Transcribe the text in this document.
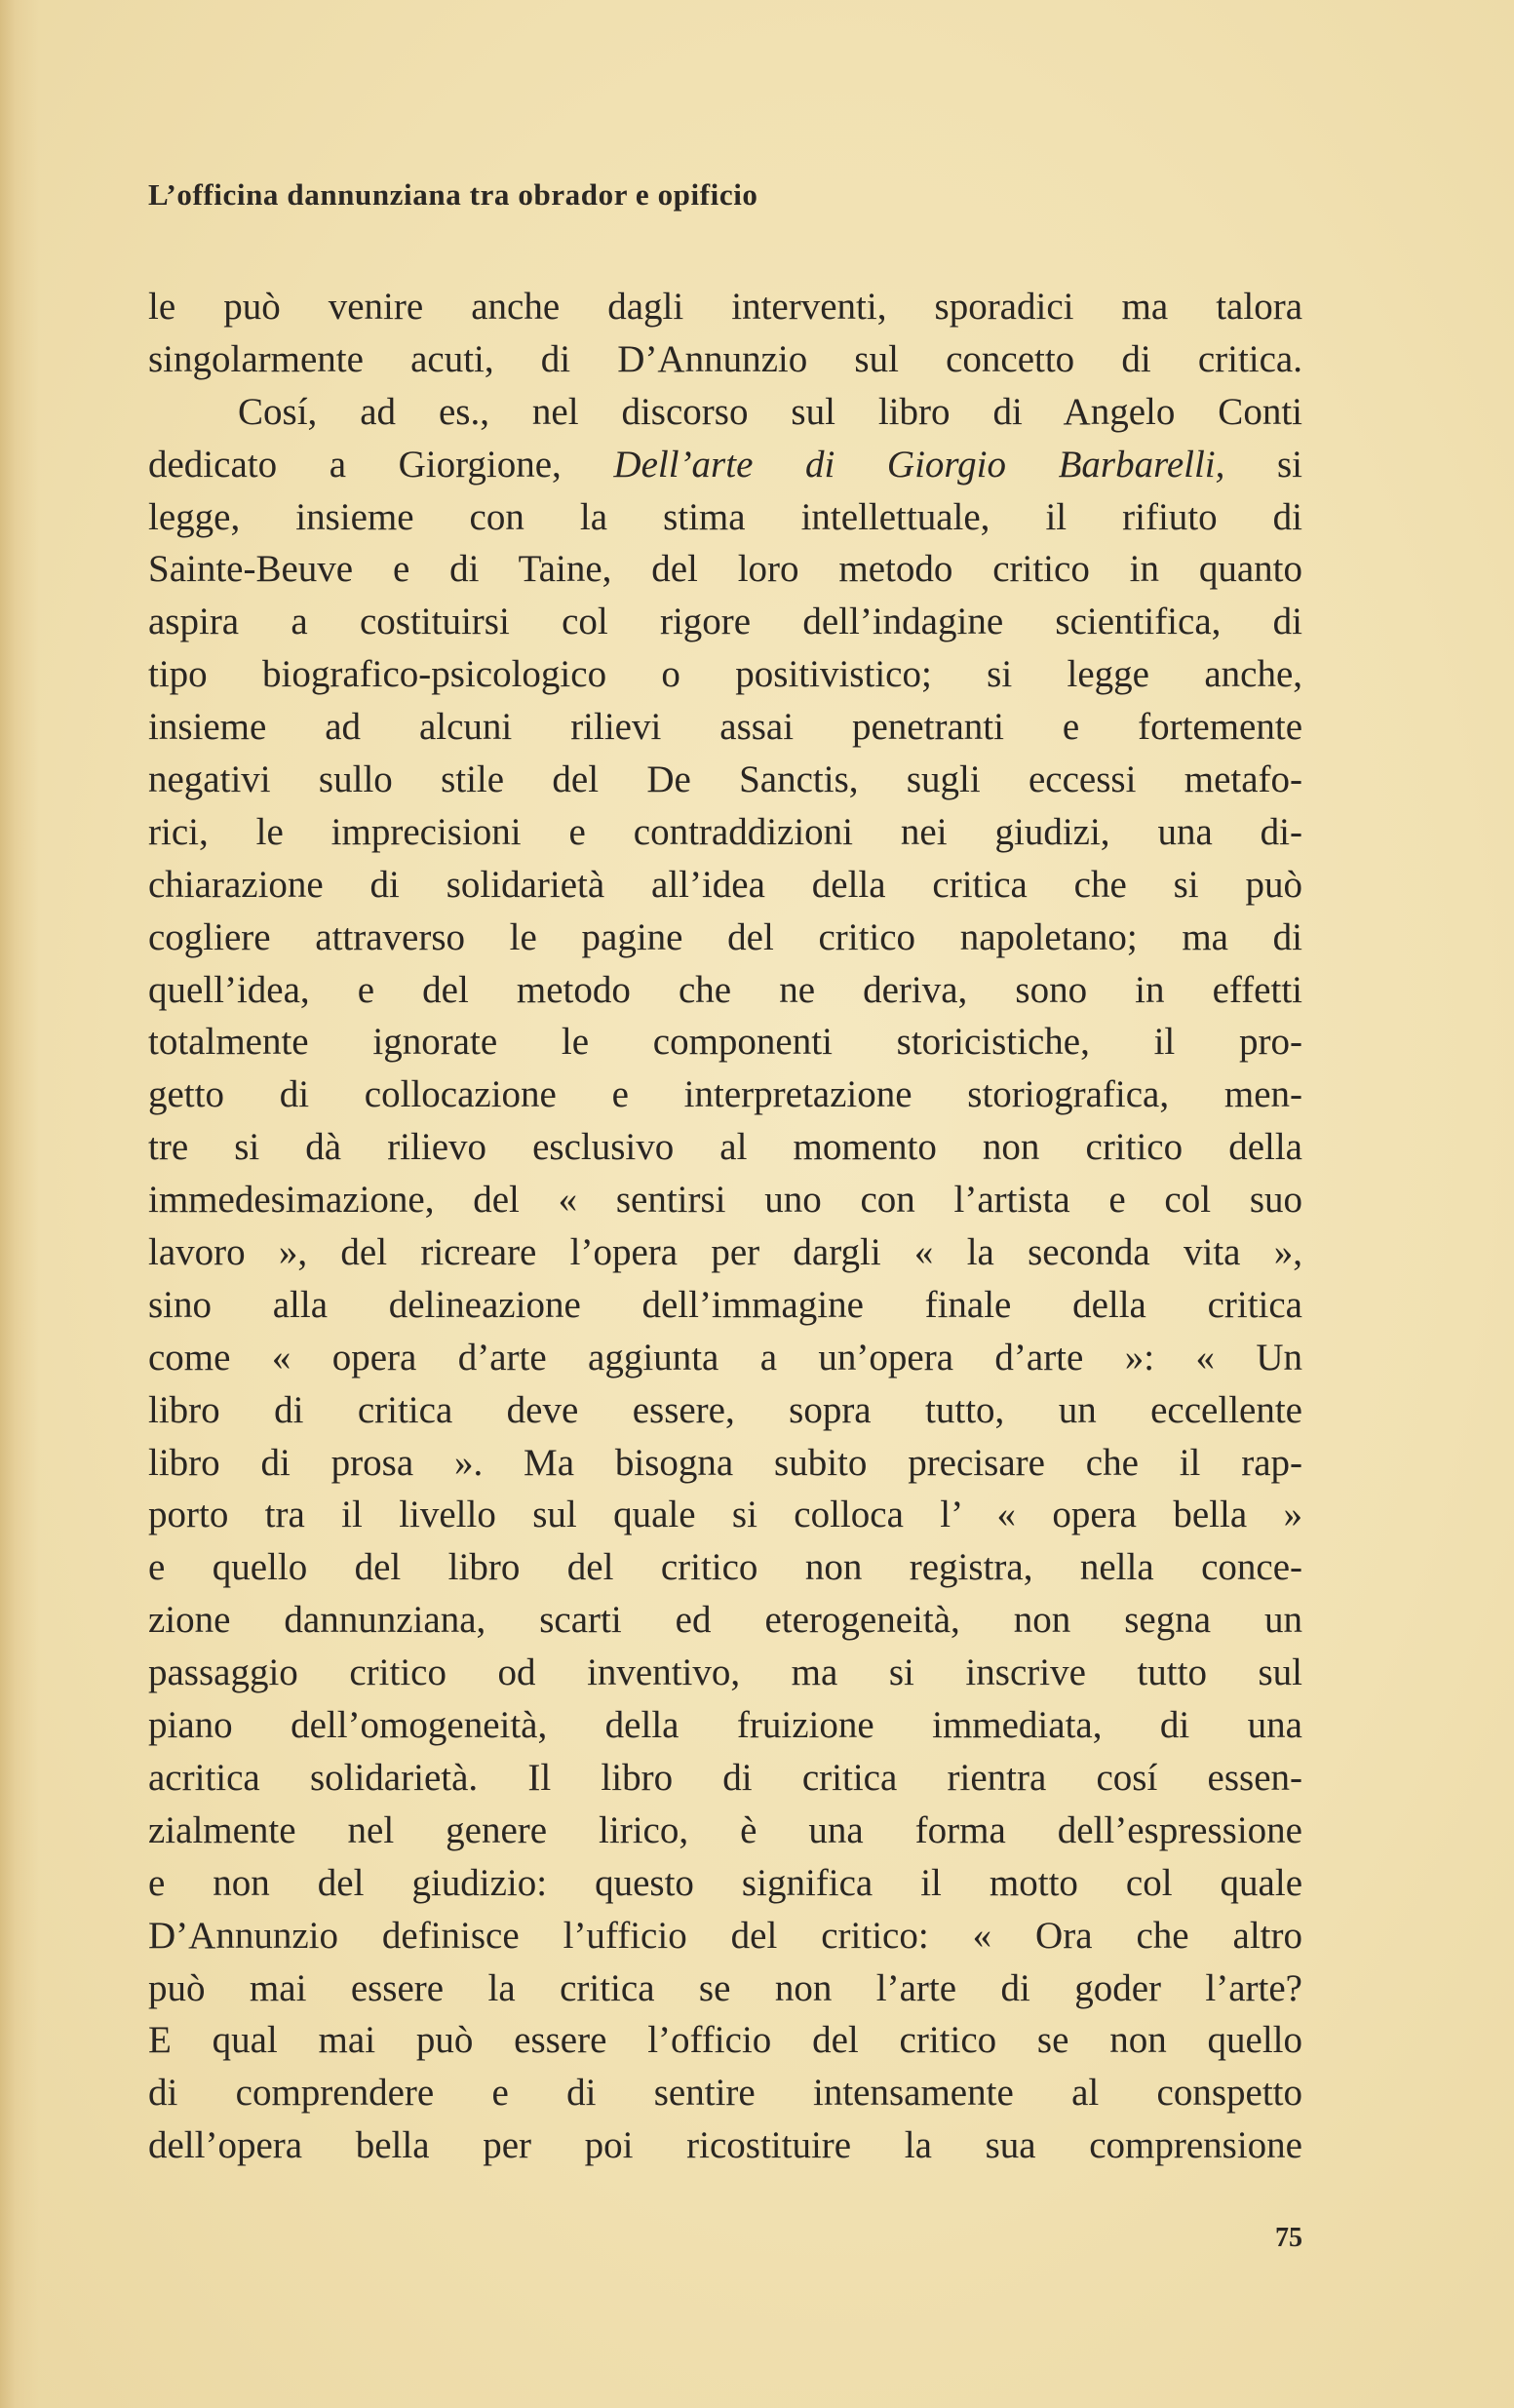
L’officina dannunziana tra obrador e opificio
le può venire anche dagli interventi, sporadici ma talora
singolarmente acuti, di D’Annunzio sul concetto di critica.
Cosí, ad es., nel discorso sul libro di Angelo Conti
dedicato a Giorgione, Dell’arte di Giorgio Barbarelli, si
legge, insieme con la stima intellettuale, il rifiuto di
Sainte-Beuve e di Taine, del loro metodo critico in quanto
aspira a costituirsi col rigore dell’indagine scientifica, di
tipo biografico-psicologico o positivistico; si legge anche,
insieme ad alcuni rilievi assai penetranti e fortemente
negativi sullo stile del De Sanctis, sugli eccessi metafo-
rici, le imprecisioni e contraddizioni nei giudizi, una di-
chiarazione di solidarietà all’idea della critica che si può
cogliere attraverso le pagine del critico napoletano; ma di
quell’idea, e del metodo che ne deriva, sono in effetti
totalmente ignorate le componenti storicistiche, il pro-
getto di collocazione e interpretazione storiografica, men-
tre si dà rilievo esclusivo al momento non critico della
immedesimazione, del « sentirsi uno con l’artista e col suo
lavoro », del ricreare l’opera per dargli « la seconda vita »,
sino alla delineazione dell’immagine finale della critica
come « opera d’arte aggiunta a un’opera d’arte »: « Un
libro di critica deve essere, sopra tutto, un eccellente
libro di prosa ». Ma bisogna subito precisare che il rap-
porto tra il livello sul quale si colloca l’ « opera bella »
e quello del libro del critico non registra, nella conce-
zione dannunziana, scarti ed eterogeneità, non segna un
passaggio critico od inventivo, ma si inscrive tutto sul
piano dell’omogeneità, della fruizione immediata, di una
acritica solidarietà. Il libro di critica rientra cosí essen-
zialmente nel genere lirico, è una forma dell’espressione
e non del giudizio: questo significa il motto col quale
D’Annunzio definisce l’ufficio del critico: « Ora che altro
può mai essere la critica se non l’arte di goder l’arte?
E qual mai può essere l’officio del critico se non quello
di comprendere e di sentire intensamente al conspetto
dell’opera bella per poi ricostituire la sua comprensione
75
